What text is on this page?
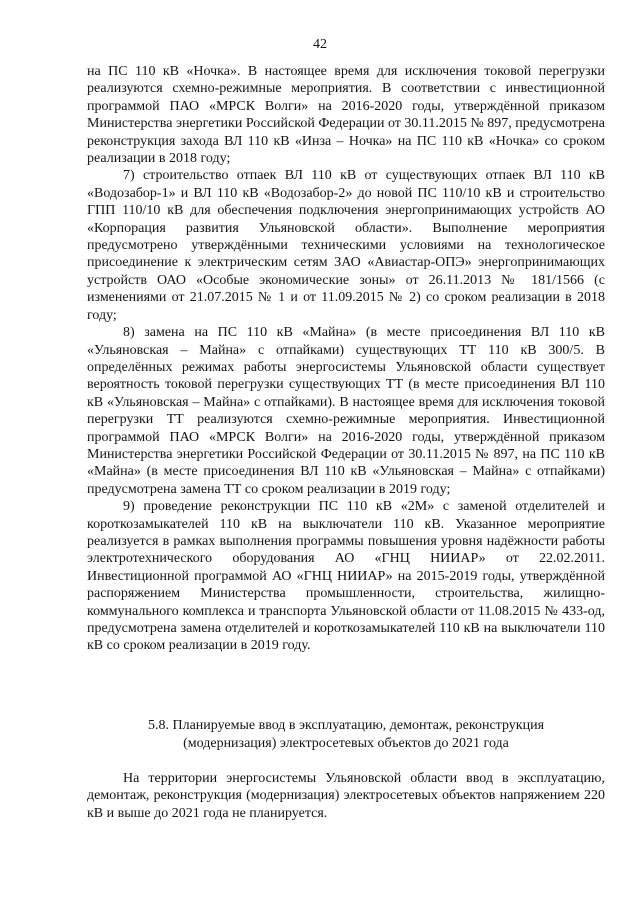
42

на ПС 110 кВ «Ночка». В настоящее время для исключения токовой перегрузки реализуются схемно-режимные мероприятия. В соответствии с инвестиционной программой ПАО «МРСК Волги» на 2016-2020 годы, утверждённой приказом Министерства энергетики Российской Федерации от 30.11.2015 № 897, предусмотрена реконструкция захода ВЛ 110 кВ «Инза – Ночка» на ПС 110 кВ «Ночка» со сроком реализации в 2018 году;

7) строительство отпаек ВЛ 110 кВ от существующих отпаек ВЛ 110 кВ «Водозабор-1» и ВЛ 110 кВ «Водозабор-2» до новой ПС 110/10 кВ и строительство ГПП 110/10 кВ для обеспечения подключения энергопринимающих устройств АО «Корпорация развития Ульяновской области». Выполнение мероприятия предусмотрено утверждёнными техническими условиями на технологическое присоединение к электрическим сетям ЗАО «Авиастар-ОПЭ» энергопринимающих устройств ОАО «Особые экономические зоны» от 26.11.2013 № 181/1566 (с изменениями от 21.07.2015 № 1 и от 11.09.2015 № 2) со сроком реализации в 2018 году;

8) замена на ПС 110 кВ «Майна» (в месте присоединения ВЛ 110 кВ «Ульяновская – Майна» с отпайками) существующих ТТ 110 кВ 300/5. В определённых режимах работы энергосистемы Ульяновской области существует вероятность токовой перегрузки существующих ТТ (в месте присоединения ВЛ 110 кВ «Ульяновская – Майна» с отпайками). В настоящее время для исключения токовой перегрузки ТТ реализуются схемно-режимные мероприятия. Инвестиционной программой ПАО «МРСК Волги» на 2016-2020 годы, утверждённой приказом Министерства энергетики Российской Федерации от 30.11.2015 № 897, на ПС 110 кВ «Майна» (в месте присоединения ВЛ 110 кВ «Ульяновская – Майна» с отпайками) предусмотрена замена ТТ со сроком реализации в 2019 году;

9) проведение реконструкции ПС 110 кВ «2М» с заменой отделителей и короткозамыкателей 110 кВ на выключатели 110 кВ. Указанное мероприятие реализуется в рамках выполнения программы повышения уровня надёжности работы электротехнического оборудования АО «ГНЦ НИИАР» от 22.02.2011. Инвестиционной программой АО «ГНЦ НИИАР» на 2015-2019 годы, утверждённой распоряжением Министерства промышленности, строительства, жилищно-коммунального комплекса и транспорта Ульяновской области от 11.08.2015 № 433-од, предусмотрена замена отделителей и короткозамыкателей 110 кВ на выключатели 110 кВ со сроком реализации в 2019 году.

5.8. Планируемые ввод в эксплуатацию, демонтаж, реконструкция
(модернизация) электросетевых объектов до 2021 года

На территории энергосистемы Ульяновской области ввод в эксплуатацию, демонтаж, реконструкция (модернизация) электросетевых объектов напряжением 220 кВ и выше до 2021 года не планируется.
